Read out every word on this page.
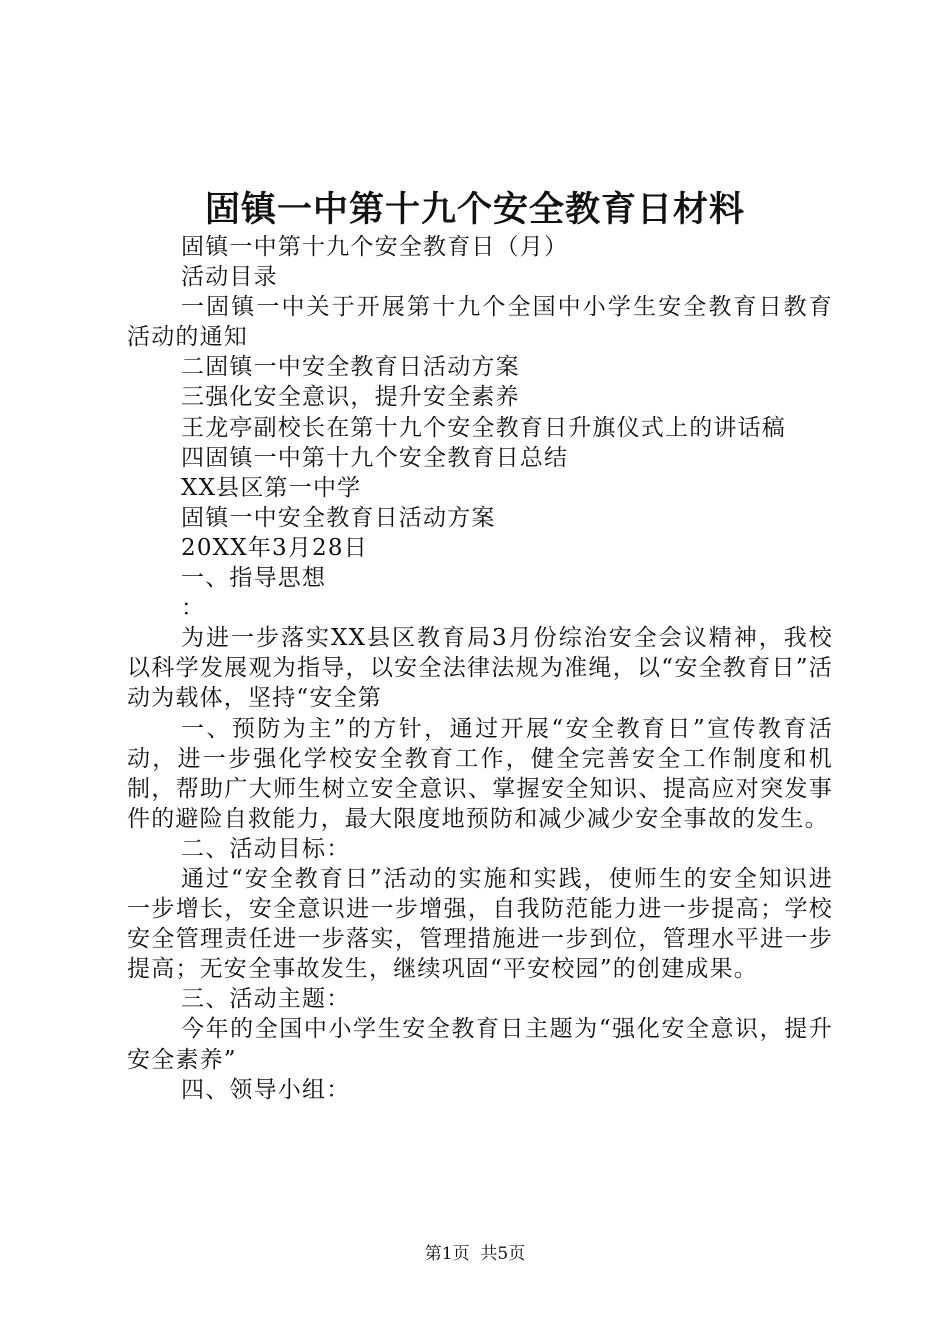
固镇一中第十九个安全教育日材料

固镇一中第十九个安全教育日（月）

活动目录

一固镇一中关于开展第十九个全国中小学生安全教育日教育活动的通知

二固镇一中安全教育日活动方案

三强化安全意识，提升安全素养

王龙亭副校长在第十九个安全教育日升旗仪式上的讲话稿

四固镇一中第十九个安全教育日总结

XX县区第一中学

固镇一中安全教育日活动方案

20XX年3月28日

一、指导思想

：

为进一步落实XX县区教育局3月份综治安全会议精神，我校以科学发展观为指导，以安全法律法规为准绳，以“安全教育日”活动为载体，坚持“安全第

一、预防为主”的方针，通过开展“安全教育日”宣传教育活动，进一步强化学校安全教育工作，健全完善安全工作制度和机制，帮助广大师生树立安全意识、掌握安全知识、提高应对突发事件的避险自救能力，最大限度地预防和减少减少安全事故的发生。

二、活动目标：

通过“安全教育日”活动的实施和实践，使师生的安全知识进一步增长，安全意识进一步增强，自我防范能力进一步提高；学校安全管理责任进一步落实，管理措施进一步到位，管理水平进一步提高；无安全事故发生，继续巩固“平安校园”的创建成果。

三、活动主题：

今年的全国中小学生安全教育日主题为“强化安全意识，提升安全素养”

四、领导小组：

第1页  共5页
